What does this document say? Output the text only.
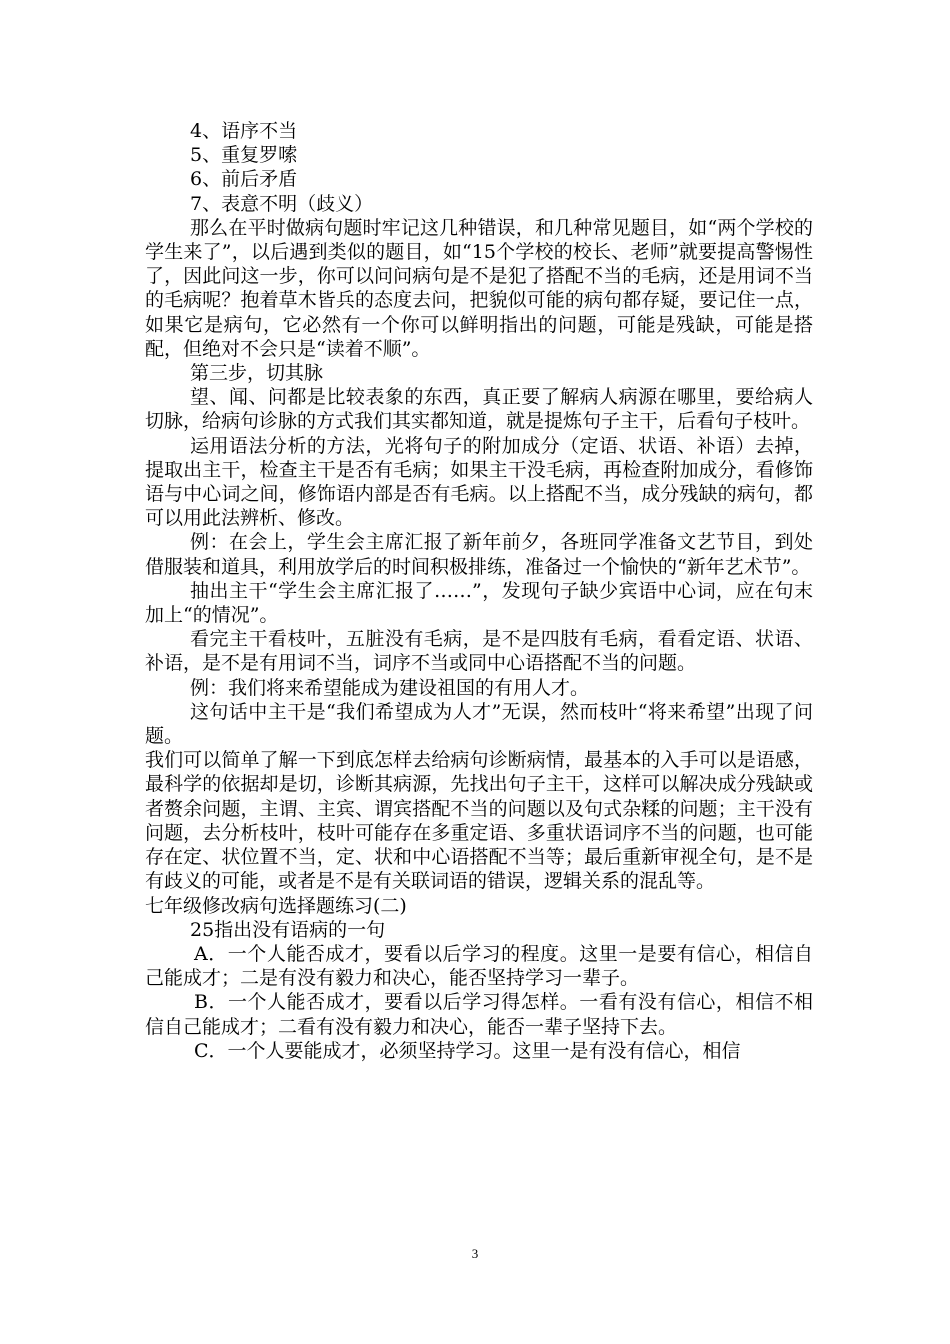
4、语序不当

5、重复罗嗦

6、前后矛盾

7、表意不明（歧义）

那么在平时做病句题时牢记这几种错误，和几种常见题目，如“两个学校的学生来了”，以后遇到类似的题目，如“15个学校的校长、老师”就要提高警惕性了，因此问这一步，你可以问问病句是不是犯了搭配不当的毛病，还是用词不当的毛病呢？抱着草木皆兵的态度去问，把貌似可能的病句都存疑，要记住一点，如果它是病句，它必然有一个你可以鲜明指出的问题，可能是残缺，可能是搭配，但绝对不会只是“读着不顺”。

第三步，切其脉

望、闻、问都是比较表象的东西，真正要了解病人病源在哪里，要给病人切脉，给病句诊脉的方式我们其实都知道，就是提炼句子主干，后看句子枝叶。

运用语法分析的方法，光将句子的附加成分（定语、状语、补语）去掉，提取出主干，检查主干是否有毛病；如果主干没毛病，再检查附加成分，看修饰语与中心词之间，修饰语内部是否有毛病。以上搭配不当，成分残缺的病句，都可以用此法辨析、修改。

例：在会上，学生会主席汇报了新年前夕，各班同学准备文艺节目，到处借服装和道具，利用放学后的时间积极排练，准备过一个愉快的“新年艺术节”。

抽出主干“学生会主席汇报了……”，发现句子缺少宾语中心词，应在句末加上“的情况”。

看完主干看枝叶，五脏没有毛病，是不是四肢有毛病，看看定语、状语、补语，是不是有用词不当，词序不当或同中心语搭配不当的问题。

例：我们将来希望能成为建设祖国的有用人才。

这句话中主干是“我们希望成为人才”无误，然而枝叶“将来希望”出现了问题。

我们可以简单了解一下到底怎样去给病句诊断病情，最基本的入手可以是语感，最科学的依据却是切，诊断其病源，先找出句子主干，这样可以解决成分残缺或者赘余问题，主谓、主宾、谓宾搭配不当的问题以及句式杂糅的问题；主干没有问题，去分析枝叶，枝叶可能存在多重定语、多重状语词序不当的问题，也可能存在定、状位置不当，定、状和中心语搭配不当等；最后重新审视全句，是不是有歧义的可能，或者是不是有关联词语的错误，逻辑关系的混乱等。

七年级修改病句选择题练习(二)

25指出没有语病的一句

A．一个人能否成才，要看以后学习的程度。这里一是要有信心，相信自己能成才；二是有没有毅力和决心，能否坚持学习一辈子。

B．一个人能否成才，要看以后学习得怎样。一看有没有信心，相信不相信自己能成才；二看有没有毅力和决心，能否一辈子坚持下去。

C．一个人要能成才，必须坚持学习。这里一是有没有信心，相信

3
